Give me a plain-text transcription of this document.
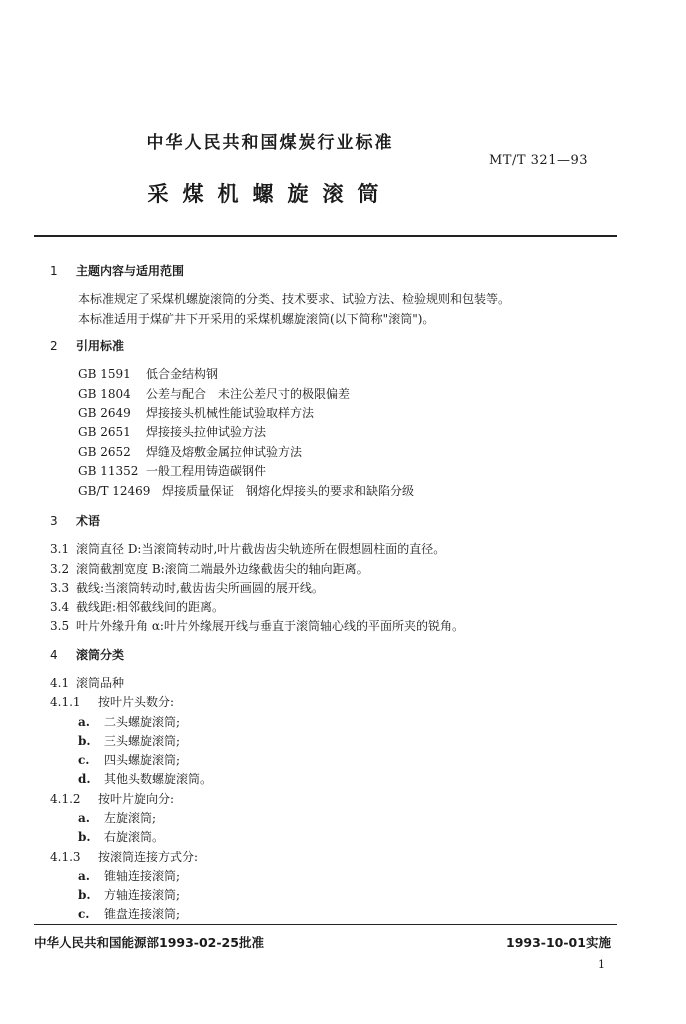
中华人民共和国煤炭行业标准
MT/T 321—93
采煤机螺旋滚筒
1 主题内容与适用范围
本标准规定了采煤机螺旋滚筒的分类、技术要求、试验方法、检验规则和包装等。
本标准适用于煤矿井下开采用的采煤机螺旋滚筒(以下简称"滚筒")。
2 引用标准
GB 1591 低合金结构钢
GB 1804 公差与配合　未注公差尺寸的极限偏差
GB 2649 焊接接头机械性能试验取样方法
GB 2651 焊接接头拉伸试验方法
GB 2652 焊缝及熔敷金属拉伸试验方法
GB 11352 一般工程用铸造碳钢件
GB/T 12469 焊接质量保证　钢熔化焊接头的要求和缺陷分级
3 术语
3.1 滚筒直径 D:当滚筒转动时,叶片截齿齿尖轨迹所在假想圆柱面的直径。
3.2 滚筒截割宽度 B:滚筒二端最外边缘截齿尖的轴向距离。
3.3 截线:当滚筒转动时,截齿齿尖所画圆的展开线。
3.4 截线距:相邻截线间的距离。
3.5 叶片外缘升角 α:叶片外缘展开线与垂直于滚筒轴心线的平面所夹的锐角。
4 滚筒分类
4.1 滚筒品种
4.1.1 按叶片头数分:
a. 二头螺旋滚筒;
b. 三头螺旋滚筒;
c. 四头螺旋滚筒;
d. 其他头数螺旋滚筒。
4.1.2 按叶片旋向分:
a. 左旋滚筒;
b. 右旋滚筒。
4.1.3 按滚筒连接方式分:
a. 锥轴连接滚筒;
b. 方轴连接滚筒;
c. 锥盘连接滚筒;
中华人民共和国能源部1993-02-25批准	1993-10-01实施
1
